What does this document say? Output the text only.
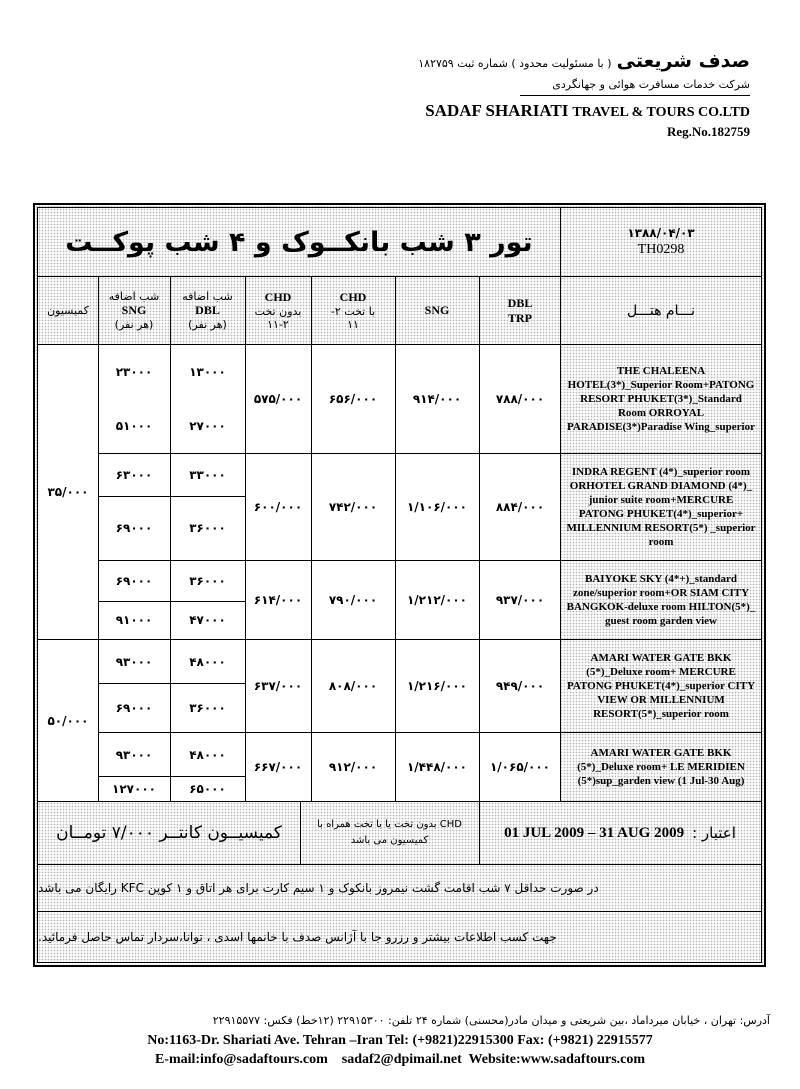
صدف شریعتی ( با مسئولیت محدود ) شماره ثبت ۱۸۲۷۵۹
شرکت خدمات مسافرت هوائی و جهانگردی
SADAF SHARIATI TRAVEL & TOURS CO.LTD
Reg.No.182759
تور ۳ شب بانکــوک و ۴ شب پوکــت	۱۳۸۸/۰۴/۰۳
TH0298
نـــام هتـــل
DBL
TRP
SNG
CHD
با تخت ۲-
۱۱
CHD
بدون تخت
۱۱-۲
شب اضافه
DBL
(هر نفر)
شب اضافه
SNG
(هر نفر)
کمیسیون
THE CHALEENA HOTEL(3*)_Superior Room+PATONG RESORT PHUKET(3*)_Standard Room ORROYAL PARADISE(3*)Paradise Wing_superior
۷۸۸/۰۰۰
۹۱۴/۰۰۰
۶۵۶/۰۰۰
۵۷۵/۰۰۰
۱۳۰۰۰
۲۷۰۰۰
۲۳۰۰۰
۵۱۰۰۰
INDRA REGENT (4*)_superior room ORHOTEL GRAND DIAMOND (4*)_ junior suite room+MERCURE PATONG PHUKET(4*)_superior+ MILLENNIUM RESORT(5*) _superior room
۸۸۴/۰۰۰
۱/۱۰۶/۰۰۰
۷۴۲/۰۰۰
۶۰۰/۰۰۰
۳۳۰۰۰
۳۶۰۰۰
۶۳۰۰۰
۶۹۰۰۰
BAIYOKE SKY (4*+)_standard zone/superior room+OR SIAM CITY BANGKOK-deluxe room HILTON(5*)_ guest room garden view
۹۳۷/۰۰۰
۱/۲۱۲/۰۰۰
۷۹۰/۰۰۰
۶۱۴/۰۰۰
۳۶۰۰۰
۴۷۰۰۰
۶۹۰۰۰
۹۱۰۰۰
AMARI WATER GATE BKK (5*)_Deluxe room+ MERCURE PATONG PHUKET(4*)_superior CITY VIEW OR MILLENNIUM RESORT(5*)_superior room
۹۴۹/۰۰۰
۱/۲۱۶/۰۰۰
۸۰۸/۰۰۰
۶۳۷/۰۰۰
۴۸۰۰۰
۳۶۰۰۰
۹۳۰۰۰
۶۹۰۰۰
AMARI WATER GATE BKK (5*)_Deluxe room+ LE MERIDIEN (5*)sup_garden view (1 Jul-30 Aug)
۱/۰۶۵/۰۰۰
۱/۴۴۸/۰۰۰
۹۱۲/۰۰۰
۶۶۷/۰۰۰
۴۸۰۰۰
۶۵۰۰۰
۹۳۰۰۰
۱۲۷۰۰۰
۳۵/۰۰۰
۵۰/۰۰۰
01 JUL 2009 – 31 AUG 2009 اعتبار :
CHD بدون تخت یا با تخت همراه با کمیسیون می باشد
کمیسیــون کانتــر ۷/۰۰۰ تومــان
در صورت حداقل ۷ شب اقامت گشت نیمروز بانکوک و ۱ سیم کارت برای هر اتاق و ۱ کوپن KFC رایگان می باشد
جهت کسب اطلاعات بیشتر و رزرو جا با آژانس صدف با خانمها اسدی ، توانا،سردار تماس حاصل فرمائید.
آدرس: تهران ، خیابان میرداماد ،بین شریعتی و میدان مادر(محسنی) شماره ۲۴ تلفن: ۲۲۹۱۵۳۰۰ (۱۲خط) فکس: ۲۲۹۱۵۵۷۷
No:1163-Dr. Shariati Ave. Tehran –Iran Tel: (+9821)22915300 Fax: (+9821) 22915577
E-mail:info@sadaftours.com    sadaf2@dpimail.net  Website:www.sadaftours.com
